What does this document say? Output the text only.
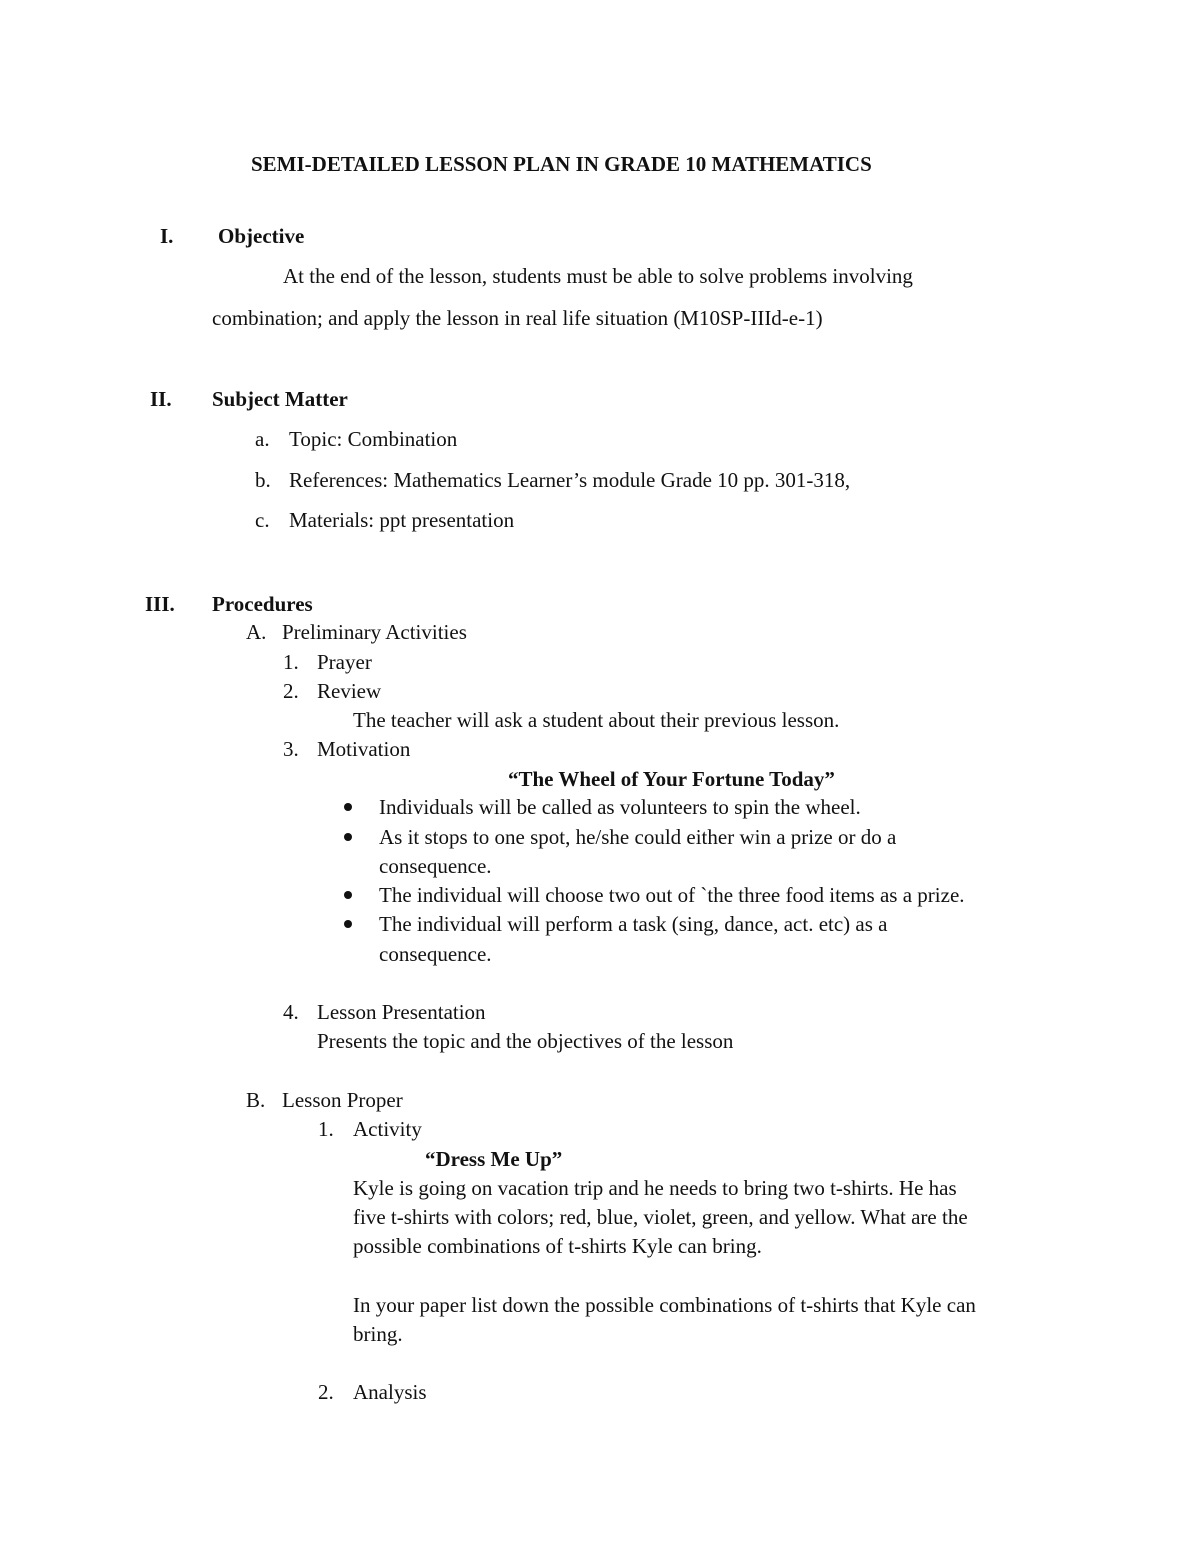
SEMI-DETAILED LESSON PLAN IN GRADE 10 MATHEMATICS
I. Objective
At the end of the lesson, students must be able to solve problems involving
combination; and apply the lesson in real life situation (M10SP-IIId-e-1)
II. Subject Matter
a. Topic: Combination
b. References: Mathematics Learner’s module Grade 10 pp. 301-318,
c. Materials: ppt presentation
III. Procedures
A. Preliminary Activities
1. Prayer
2. Review
The teacher will ask a student about their previous lesson.
3. Motivation
“The Wheel of Your Fortune Today”
Individuals will be called as volunteers to spin the wheel.
As it stops to one spot, he/she could either win a prize or do a
consequence.
The individual will choose two out of `the three food items as a prize.
The individual will perform a task (sing, dance, act. etc) as a
consequence.
4. Lesson Presentation
Presents the topic and the objectives of the lesson
B. Lesson Proper
1. Activity
“Dress Me Up”
Kyle is going on vacation trip and he needs to bring two t-shirts. He has
five t-shirts with colors; red, blue, violet, green, and yellow. What are the
possible combinations of t-shirts Kyle can bring.
In your paper list down the possible combinations of t-shirts that Kyle can
bring.
2. Analysis
